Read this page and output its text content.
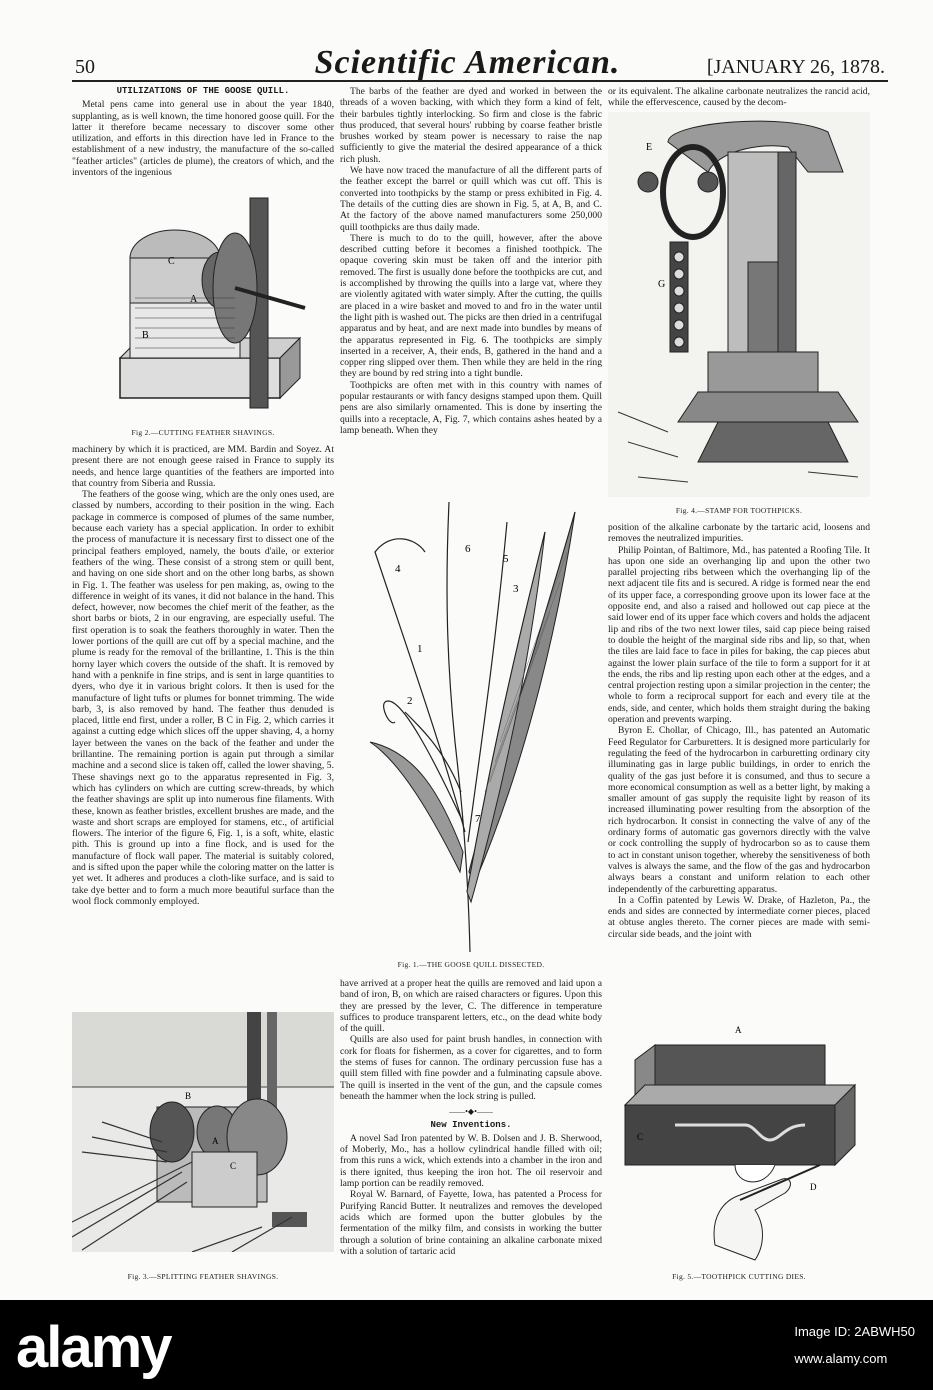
50	Scientific American.	[JANUARY 26, 1878.
UTILIZATIONS OF THE GOOSE QUILL.

Metal pens came into general use in about the year 1840, supplanting, as is well known, the time honored goose quill. For the latter it therefore became necessary to discover some other utilization, and efforts in this direction have led in France to the establishment of a new industry, the manufacture of the so-called "feather articles" (articles de plume), the creators of which, and the inventors of the ingenious

C
A
B
Fig 2.—CUTTING FEATHER SHAVINGS.

machinery by which it is practiced, are MM. Bardin and Soyez. At present there are not enough geese raised in France to supply its needs, and hence large quantities of the feathers are imported into that country from Siberia and Russia.

The feathers of the goose wing, which are the only ones used, are classed by numbers, according to their position in the wing. Each package in commerce is composed of plumes of the same number, because each variety has a special application. In order to exhibit the process of manufacture it is necessary first to dissect one of the principal feathers employed, namely, the bouts d'aile, or exterior feathers of the wing. These consist of a strong stem or quill bent, and having on one side short and on the other long barbs, as shown in Fig. 1. The feather was useless for pen making, as, owing to the difference in weight of its vanes, it did not balance in the hand. This defect, however, now becomes the chief merit of the feather, as the short barbs or biots, 2 in our engraving, are especially useful. The first operation is to soak the feathers thoroughly in water. Then the lower portions of the quill are cut off by a special machine, and the plume is ready for the removal of the brillantine, 1. This is the thin horny layer which covers the outside of the shaft. It is removed by hand with a penknife in fine strips, and is sent in large quantities to dyers, who dye it in various bright colors. It then is used for the manufacture of light tufts or plumes for bonnet trimming. The wide barb, 3, is also removed by hand. The feather thus denuded is placed, little end first, under a roller, B C in Fig. 2, which carries it against a cutting edge which slices off the upper shaving, 4, a horny layer between the vanes on the back of the feather and under the brillantine. The remaining portion is again put through a similar machine and a second slice is taken off, called the lower shaving, 5. These shavings next go to the apparatus represented in Fig. 3, which has cylinders on which are cutting screw-threads, by which the feather shavings are split up into numerous fine filaments. With these, known as feather bristles, excellent brushes are made, and the waste and short scraps are employed for stamens, etc., of artificial flowers. The interior of the figure 6, Fig. 1, is a soft, white, elastic pith. This is ground up into a fine flock, and is used for the manufacture of flock wall paper. The material is suitably colored, and is sifted upon the paper while the coloring matter on the latter is yet wet. It adheres and produces a cloth-like surface, and is said to take dye better and to form a much more beautiful surface than the wool flock commonly employed.

B
A
C
Fig. 3.—SPLITTING FEATHER SHAVINGS.

The barbs of the feather are dyed and worked in between the threads of a woven backing, with which they form a kind of felt, their barbules tightly interlocking. So firm and close is the fabric thus produced, that several hours' rubbing by coarse feather bristle brushes worked by steam power is necessary to raise the nap sufficiently to give the material the desired appearance of a thick rich plush.

We have now traced the manufacture of all the different parts of the feather except the barrel or quill which was cut off. This is converted into toothpicks by the stamp or press exhibited in Fig. 4. The details of the cutting dies are shown in Fig. 5, at A, B, and C. At the factory of the above named manufacturers some 250,000 quill toothpicks are thus daily made.

There is much to do to the quill, however, after the above described cutting before it becomes a finished toothpick. The opaque covering skin must be taken off and the interior pith removed. The first is usually done before the toothpicks are cut, and is accomplished by throwing the quills into a large vat, where they are violently agitated with water simply. After the cutting, the quills are placed in a wire basket and moved to and fro in the water until the light pith is washed out. The picks are then dried in a centrifugal apparatus and by heat, and are next made into bundles by means of the apparatus represented in Fig. 6. The toothpicks are simply inserted in a receiver, A, their ends, B, gathered in the hand and a copper ring slipped over them. Then while they are held in the ring they are bound by red string into a tight bundle.

Toothpicks are often met with in this country with names of popular restaurants or with fancy designs stamped upon them. Quill pens are also similarly ornamented. This is done by inserting the quills into a receptacle, A, Fig. 7, which contains ashes heated by a lamp beneath. When they

6
5
4
3
1
2
7
Fig. 1.—THE GOOSE QUILL DISSECTED.

have arrived at a proper heat the quills are removed and laid upon a band of iron, B, on which are raised characters or figures. Upon this they are pressed by the lever, C. The difference in temperature suffices to produce transparent letters, etc., on the dead white body of the quill.

Quills are also used for paint brush handles, in connection with cork for floats for fishermen, as a cover for cigarettes, and to form the stems of fuses for cannon. The ordinary percussion fuse has a quill stem filled with fine powder and a fulminating capsule above. The quill is inserted in the vent of the gun, and the capsule comes beneath the hammer when the lock string is pulled.

——•◆•——
New Inventions.

A novel Sad Iron patented by W. B. Dolsen and J. B. Sherwood, of Moberly, Mo., has a hollow cylindrical handle filled with oil; from this runs a wick, which extends into a chamber in the iron and is there ignited, thus keeping the iron hot. The oil reservoir and lamp portion can be readily removed.

Royal W. Barnard, of Fayette, Iowa, has patented a Process for Purifying Rancid Butter. It neutralizes and removes the developed acids which are formed upon the butter globules by the fermentation of the milky film, and consists in working the butter through a solution of brine containing an alkaline carbonate mixed with a solution of tartaric acid

or its equivalent. The alkaline carbonate neutralizes the rancid acid, while the effervescence, caused by the decom-

E
G
Fig. 4.—STAMP FOR TOOTHPICKS.

position of the alkaline carbonate by the tartaric acid, loosens and removes the neutralized impurities.

Philip Pointan, of Baltimore, Md., has patented a Roofing Tile. It has upon one side an overhanging lip and upon the other two parallel projecting ribs between which the overhanging lip of the next adjacent tile fits and is secured. A ridge is formed near the end of its upper face, a corresponding groove upon its lower face at the opposite end, and also a raised and hollowed out cap piece at the said lower end of its upper face which covers and holds the adjacent lip and ribs of the two next lower tiles, said cap piece being raised to double the height of the marginal side ribs and lip, so that, when the tiles are laid face to face in piles for baking, the cap pieces abut against the lower plain surface of the tile to form a support for it at the ends, the ribs and lip resting upon each other at the edges, and a central projection resting upon a similar projection in the center; the whole to form a reciprocal support for each and every tile at the ends, side, and center, which holds them straight during the baking operation and prevents warping.

Byron E. Chollar, of Chicago, Ill., has patented an Automatic Feed Regulator for Carburetters. It is designed more particularly for regulating the feed of the hydrocarbon in carburetting ordinary city illuminating gas in large public buildings, in order to enrich the quality of the gas just before it is consumed, and thus to secure a more economical consumption as well as a better light, by making a smaller amount of gas supply the requisite light by reason of its increased illuminating power resulting from the absorption of the rich hydrocarbon. It consist in connecting the valve of any of the ordinary forms of automatic gas governors directly with the valve or cock controlling the supply of hydrocarbon so as to cause them to act in constant unison together, whereby the sensitiveness of both valves is always the same, and the flow of the gas and hydrocarbon always bears a constant and uniform relation to each other independently of the carburetting apparatus.

In a Coffin patented by Lewis W. Drake, of Hazleton, Pa., the ends and sides are connected by intermediate corner pieces, placed at obtuse angles thereto. The corner pieces are made with semi-circular side beads, and the joint with

A
C
D
Fig. 5.—TOOTHPICK CUTTING DIES.
alamy	Image ID: 2ABWH50
www.alamy.com
